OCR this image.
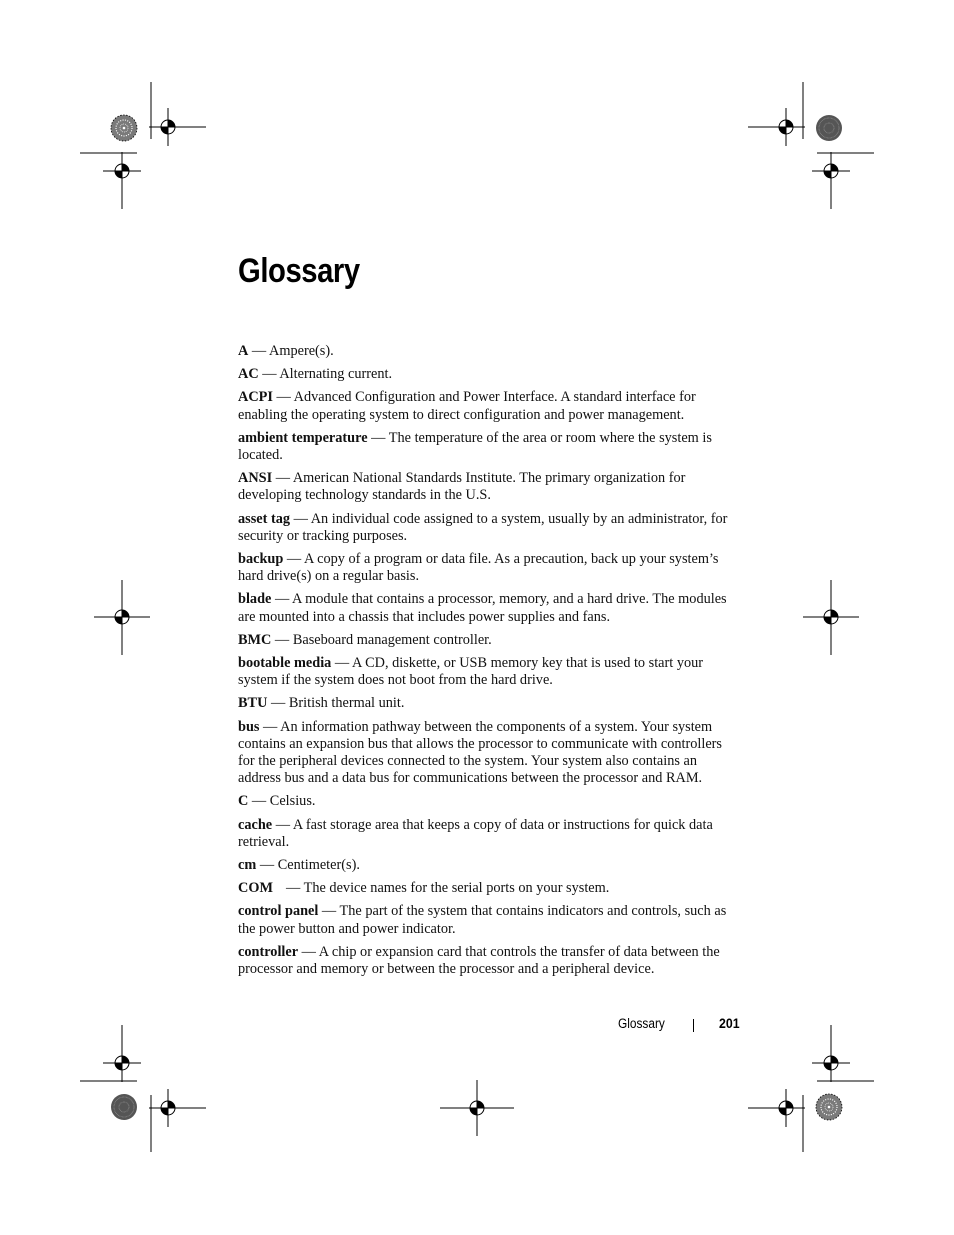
Glossary

A — Ampere(s).

AC — Alternating current.

ACPI — Advanced Configuration and Power Interface. A standard interface for enabling the operating system to direct configuration and power management.

ambient temperature — The temperature of the area or room where the system is located.

ANSI — American National Standards Institute. The primary organization for developing technology standards in the U.S.

asset tag — An individual code assigned to a system, usually by an administrator, for security or tracking purposes.

backup — A copy of a program or data file. As a precaution, back up your system’s hard drive(s) on a regular basis.

blade — A module that contains a processor, memory, and a hard drive. The modules are mounted into a chassis that includes power supplies and fans.

BMC — Baseboard management controller.

bootable media — A CD, diskette, or USB memory key that is used to start your system if the system does not boot from the hard drive.

BTU — British thermal unit.

bus — An information pathway between the components of a system. Your system contains an expansion bus that allows the processor to communicate with controllers for the peripheral devices connected to the system. Your system also contains an address bus and a data bus for communications between the processor and RAM.

C — Celsius.

cache — A fast storage area that keeps a copy of data or instructions for quick data retrieval.

cm — Centimeter(s).

COM — The device names for the serial ports on your system.

control panel — The part of the system that contains indicators and controls, such as the power button and power indicator.

controller — A chip or expansion card that controls the transfer of data between the processor and memory or between the processor and a peripheral device.

Glossary	201
